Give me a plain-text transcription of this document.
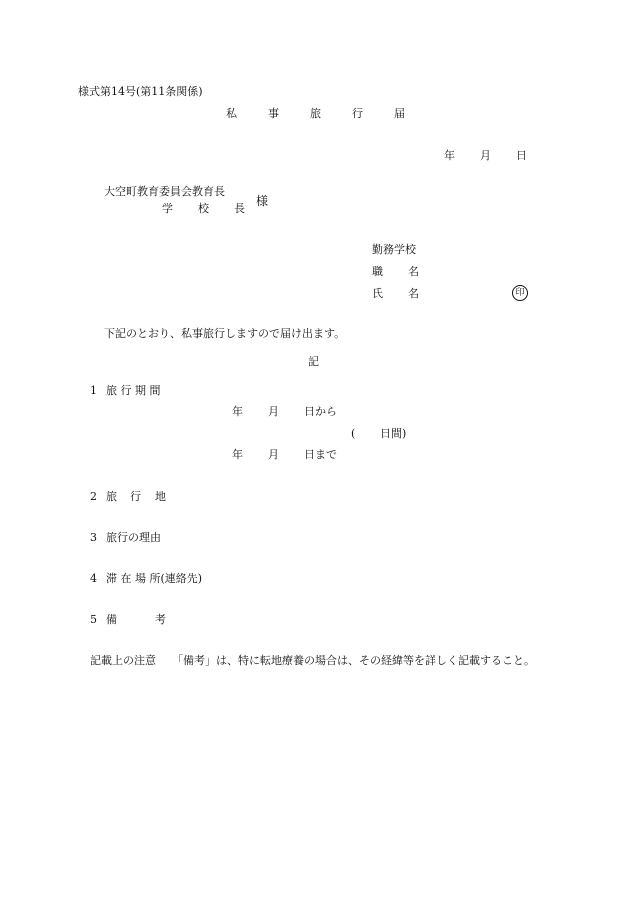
様式第14号(第11条関係)
私	事	旅	行	届
年 月 日
大空町教育委員会教育長
学 校 長
様
勤務学校
職 名
氏 名	印
下記のとおり、私事旅行しますので届け出ます。
記
1 旅 行 期 間
年 月 日から
( 日間)
年 月 日まで
2 旅 行 地
3 旅行の理由
4 滞 在 場 所(連絡先)
5 備	考
記載上の注意 「備考」は、特に転地療養の場合は、その経緯等を詳しく記載すること。
